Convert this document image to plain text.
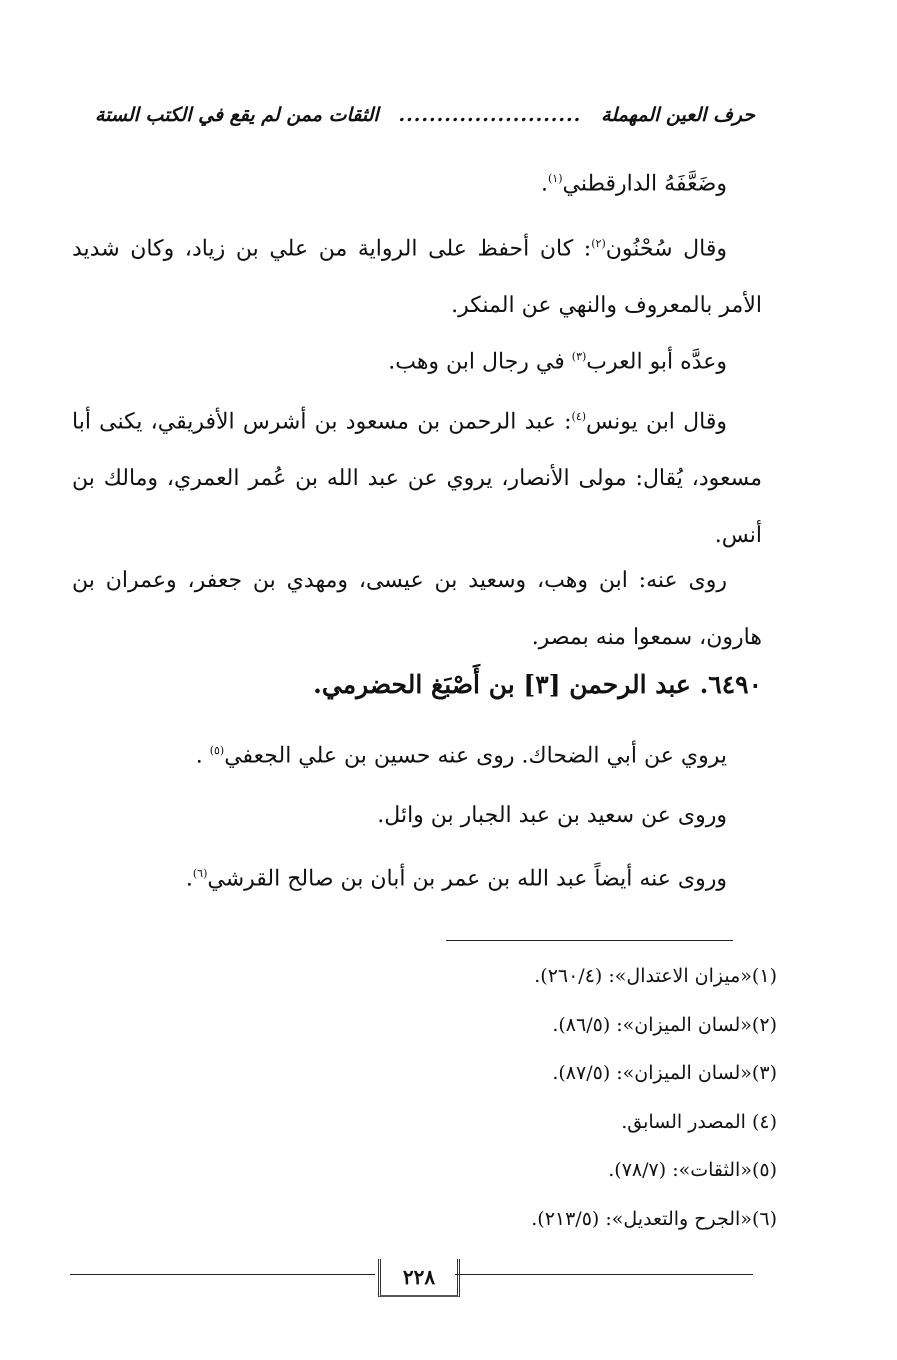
حرف العين المهملة
........................
الثقات ممن لم يقع في الكتب الستة

وضَعَّفَهُ الدارقطني$^{(١)}$.

وقال سُحْنُون$^{(٢)}$: كان أحفظ على الرواية من علي بن زياد، وكان شديد الأمر بالمعروف والنهي عن المنكر.

وعدَّه أبو العرب$^{(٣)}$ في رجال ابن وهب.

وقال ابن يونس$^{(٤)}$: عبد الرحمن بن مسعود بن أشرس الأفريقي، يكنى أبا مسعود، يُقال: مولى الأنصار، يروي عن عبد الله بن عُمر العمري، ومالك بن أنس.

روى عنه: ابن وهب، وسعيد بن عيسى، ومهدي بن جعفر، وعمران بن هارون، سمعوا منه بمصر.

٦٤٩٠. عبد الرحمن [٣] بن أَصْبَغ الحضرمي.

يروي عن أبي الضحاك. روى عنه حسين بن علي الجعفي$^{(٥)}$ .

وروى عن سعيد بن عبد الجبار بن وائل.

وروى عنه أيضاً عبد الله بن عمر بن أبان بن صالح القرشي$^{(٦)}$.

(١)«ميزان الاعتدال»: (٢٦٠/٤).
(٢)«لسان الميزان»: (٨٦/٥).
(٣)«لسان الميزان»: (٨٧/٥).
(٤) المصدر السابق.
(٥)«الثقات»: (٧٨/٧).
(٦)«الجرح والتعديل»: (٢١٣/٥).
٢٢٨
